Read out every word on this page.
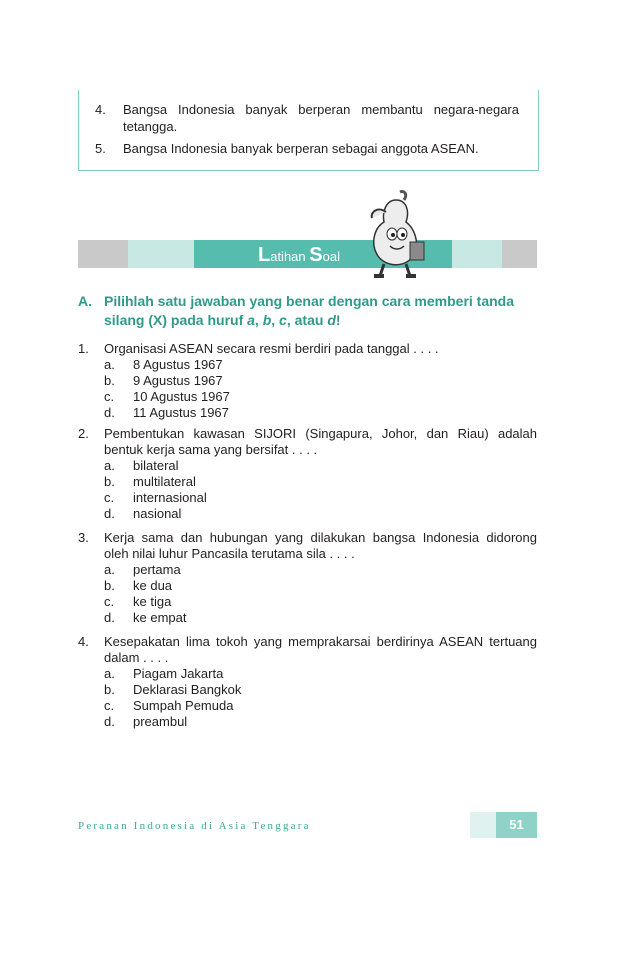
4. Bangsa Indonesia banyak berperan membantu negara-negara
tetangga.
5. Bangsa Indonesia banyak berperan sebagai anggota ASEAN.
Latihan Soal
A. Pilihlah satu jawaban yang benar dengan cara memberi tanda
silang (X) pada huruf a, b, c, atau d!
1. Organisasi ASEAN secara resmi berdiri pada tanggal . . . .
a. 8 Agustus 1967
b. 9 Agustus 1967
c. 10 Agustus 1967
d. 11 Agustus 1967
2. Pembentukan kawasan SIJORI (Singapura, Johor, dan Riau) adalah
bentuk kerja sama yang bersifat . . . .
a. bilateral
b. multilateral
c. internasional
d. nasional
3. Kerja sama dan hubungan yang dilakukan bangsa Indonesia didorong
oleh nilai luhur Pancasila terutama sila . . . .
a. pertama
b. ke dua
c. ke tiga
d. ke empat
4. Kesepakatan lima tokoh yang memprakarsai berdirinya ASEAN tertuang
dalam . . . .
a. Piagam Jakarta
b. Deklarasi Bangkok
c. Sumpah Pemuda
d. preambul
Peranan Indonesia di Asia Tenggara	51
